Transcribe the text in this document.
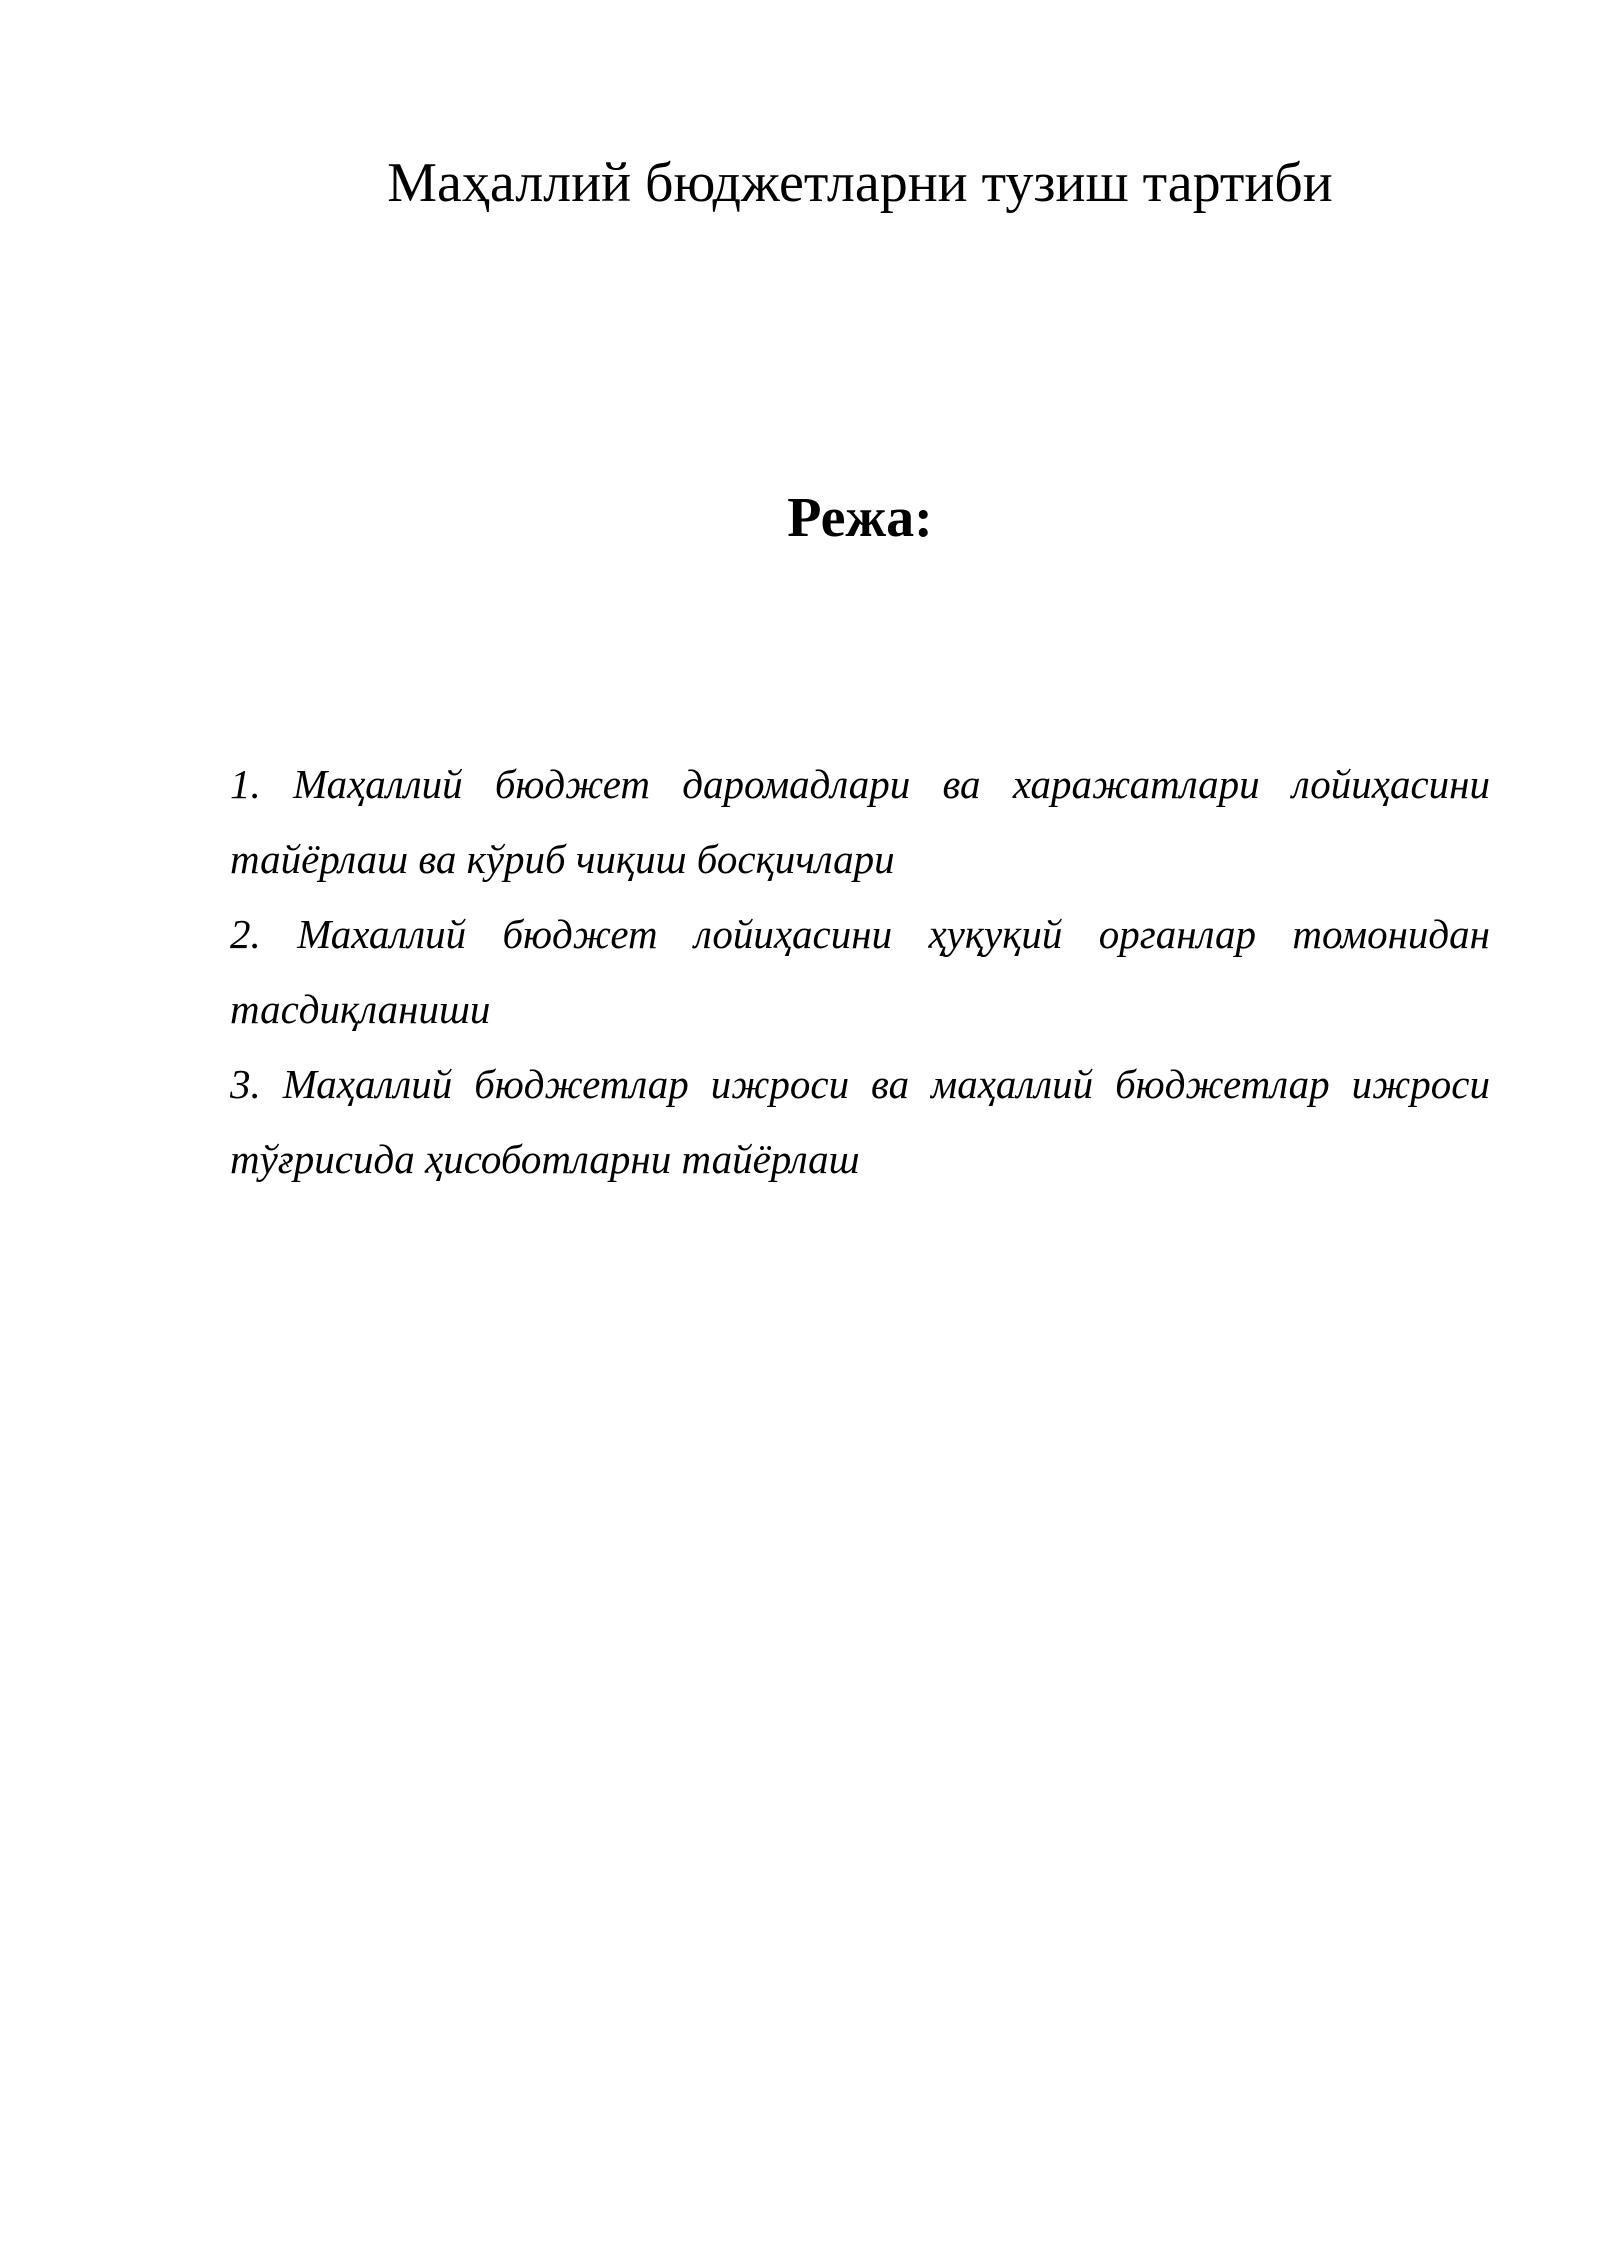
Маҳаллий бюджетларни тузиш тартиби
Режа:
1. Маҳаллий бюджет даромадлари ва харажатлари лойиҳасини тайёрлаш ва кўриб чиқиш босқичлари
2. Махаллий бюджет лойиҳасини ҳуқуқий органлар томонидан тасдиқланиши
3. Маҳаллий бюджетлар ижроси ва маҳаллий бюджетлар ижроси тўғрисида ҳисоботларни тайёрлаш
